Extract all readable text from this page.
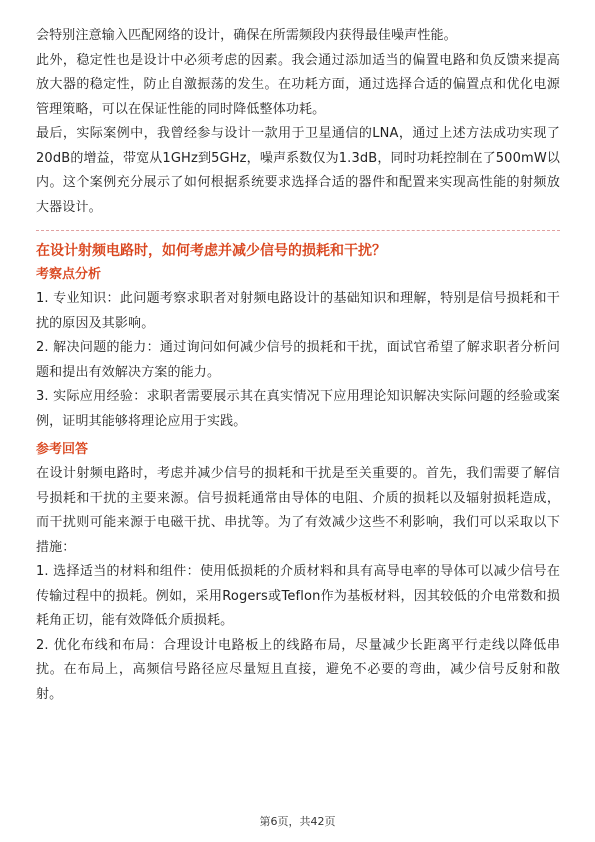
会特别注意输入匹配网络的设计，确保在所需频段内获得最佳噪声性能。

此外，稳定性也是设计中必须考虑的因素。我会通过添加适当的偏置电路和负反馈来提高放大器的稳定性，防止自激振荡的发生。在功耗方面，通过选择合适的偏置点和优化电源管理策略，可以在保证性能的同时降低整体功耗。

最后，实际案例中，我曾经参与设计一款用于卫星通信的LNA，通过上述方法成功实现了20dB的增益，带宽从1GHz到5GHz，噪声系数仅为1.3dB，同时功耗控制在了500mW以内。这个案例充分展示了如何根据系统要求选择合适的器件和配置来实现高性能的射频放大器设计。

在设计射频电路时，如何考虑并减少信号的损耗和干扰？

考察点分析

1. 专业知识：此问题考察求职者对射频电路设计的基础知识和理解，特别是信号损耗和干扰的原因及其影响。

2. 解决问题的能力：通过询问如何减少信号的损耗和干扰，面试官希望了解求职者分析问题和提出有效解决方案的能力。

3. 实际应用经验：求职者需要展示其在真实情况下应用理论知识解决实际问题的经验或案例，证明其能够将理论应用于实践。

参考回答

在设计射频电路时，考虑并减少信号的损耗和干扰是至关重要的。首先，我们需要了解信号损耗和干扰的主要来源。信号损耗通常由导体的电阻、介质的损耗以及辐射损耗造成，而干扰则可能来源于电磁干扰、串扰等。为了有效减少这些不利影响，我们可以采取以下措施：

1. 选择适当的材料和组件：使用低损耗的介质材料和具有高导电率的导体可以减少信号在传输过程中的损耗。例如，采用Rogers或Teflon作为基板材料，因其较低的介电常数和损耗角正切，能有效降低介质损耗。

2. 优化布线和布局：合理设计电路板上的线路布局，尽量减少长距离平行走线以降低串扰。在布局上，高频信号路径应尽量短且直接，避免不必要的弯曲，减少信号反射和散射。

第6页，共42页
